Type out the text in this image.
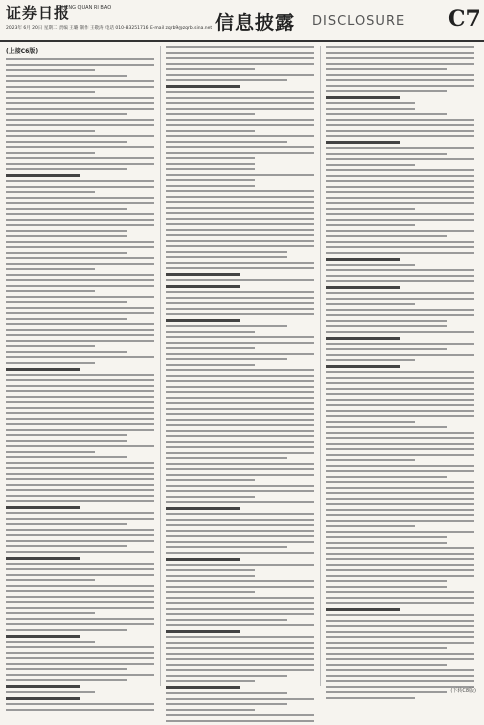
证券日报
ZHENG QUAN RI BAO
2023年 6月 20日 星期二 责编 王璐 制作 王敬涛 电话 010-83251716 E-mail zqrb9@zqrb.sina.net 信息披露 DISCLOSURE C7
(上接C6版)
(下转C8版)
